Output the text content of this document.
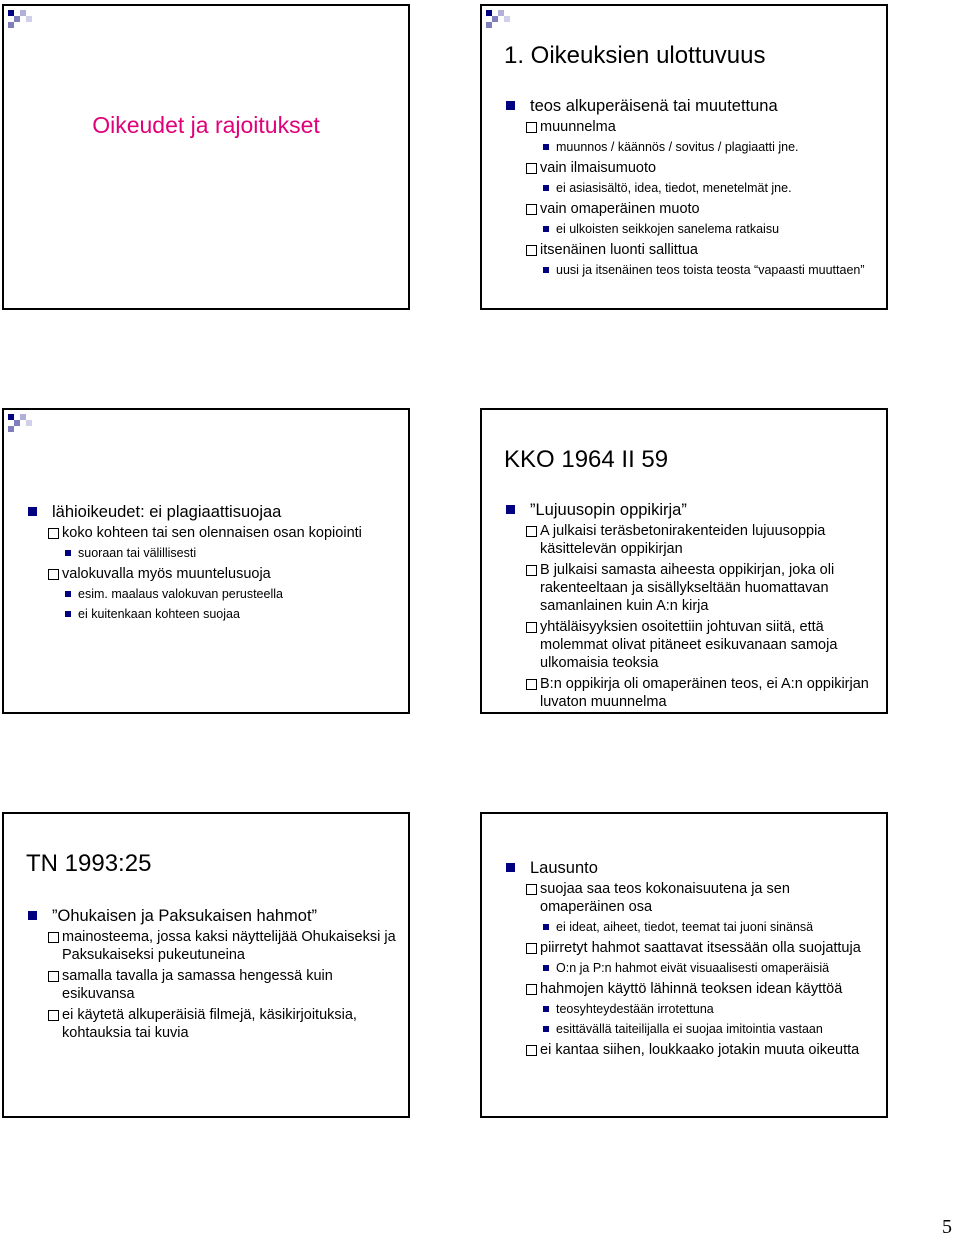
Oikeudet ja rajoitukset
1. Oikeuksien ulottuvuus
teos alkuperäisenä tai muutettuna
muunnelma
muunnos / käännös / sovitus / plagiaatti jne.
vain ilmaisumuoto
ei asiasisältö, idea, tiedot, menetelmät jne.
vain omaperäinen muoto
ei ulkoisten seikkojen sanelema ratkaisu
itsenäinen luonti sallittua
uusi ja itsenäinen teos toista teosta “vapaasti muuttaen”
lähioikeudet: ei plagiaattisuojaa
koko kohteen tai sen olennaisen osan kopiointi
suoraan tai välillisesti
valokuvalla myös muuntelusuoja
esim. maalaus valokuvan perusteella
ei kuitenkaan kohteen suojaa
KKO 1964 II 59
”Lujuusopin oppikirja”
A julkaisi teräsbetonirakenteiden lujuusoppia käsittelevän oppikirjan
B julkaisi samasta aiheesta oppikirjan, joka oli rakenteeltaan ja sisällykseltään huomattavan samanlainen kuin A:n kirja
yhtäläisyyksien osoitettiin johtuvan siitä, että molemmat olivat pitäneet esikuvanaan samoja ulkomaisia teoksia
B:n oppikirja oli omaperäinen teos, ei A:n oppikirjan luvaton muunnelma
TN 1993:25
”Ohukaisen ja Paksukaisen hahmot”
mainosteema, jossa kaksi näyttelijää Ohukaiseksi ja Paksukaiseksi pukeutuneina
samalla tavalla ja samassa hengessä kuin esikuvansa
ei käytetä alkuperäisiä filmejä, käsikirjoituksia, kohtauksia tai kuvia
Lausunto
suojaa saa teos kokonaisuutena ja sen omaperäinen osa
ei ideat, aiheet, tiedot, teemat tai juoni sinänsä
piirretyt hahmot saattavat itsessään olla suojattuja
O:n ja P:n hahmot eivät visuaalisesti omaperäisiä
hahmojen käyttö lähinnä teoksen idean käyttöä
teosyhteydestään irrotettuna
esittävällä taiteilijalla ei suojaa imitointia vastaan
ei kantaa siihen, loukkaako jotakin muuta oikeutta
5
